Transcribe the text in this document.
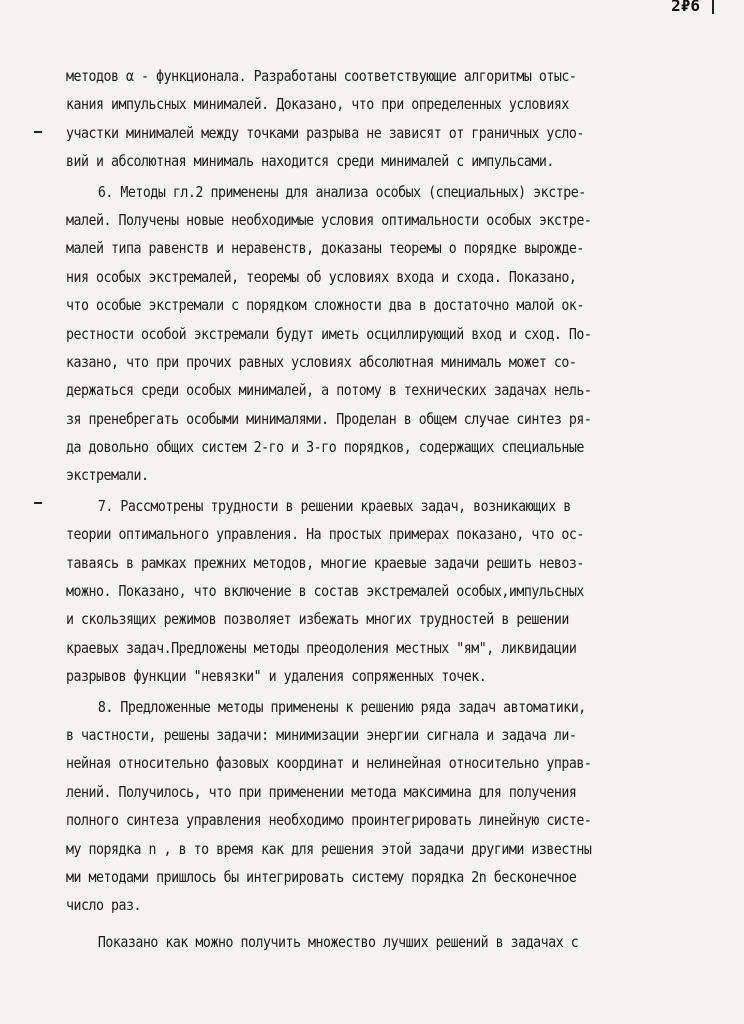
2₽6
методов α - функционала. Разработаны соответствующие алгоритмы отыс-
кания импульсных минималей. Доказано, что при определенных условиях
участки минималей между точками разрыва не зависят от граничных усло-
вий и абсолютная минималь находится среди минималей с импульсами.
6. Методы гл.2 применены для анализа особых (специальных) экстре-
малей. Получены новые необходимые условия оптимальности особых экстре-
малей типа равенств и неравенств, доказаны теоремы о порядке вырожде-
ния особых экстремалей, теоремы об условиях входа и схода. Показано,
что особые экстремали с порядком сложности два в достаточно малой ок-
рестности особой экстремали будут иметь осциллирующий вход и сход. По-
казано, что при прочих равных условиях абсолютная минималь может со-
держаться среди особых минималей, а потому в технических задачах нель-
зя пренебрегать особыми минималями. Проделан в общем случае синтез ря-
да довольно общих систем 2-го и 3-го порядков, содержащих специальные
экстремали.
7. Рассмотрены трудности в решении краевых задач, возникающих в
теории оптимального управления. На простых примерах показано, что ос-
таваясь в рамках прежних методов, многие краевые задачи решить невоз-
можно. Показано, что включение в состав экстремалей особых,импульсных
и скользящих режимов позволяет избежать многих трудностей в решении
краевых задач.Предложены методы преодоления местных "ям", ликвидации
разрывов функции "невязки" и удаления сопряженных точек.
8. Предложенные методы применены к решению ряда задач автоматики,
в частности, решены задачи: минимизации энергии сигнала и задача ли-
нейная относительно фазовых координат и нелинейная относительно управ-
лений. Получилось, что при применении метода максимина для получения
полного синтеза управления необходимо проинтегрировать линейную систе-
му порядка n , в то время как для решения этой задачи другими известны
ми методами пришлось бы интегрировать систему порядка 2n бесконечное
число раз.
Показано как можно получить множество лучших решений в задачах с
